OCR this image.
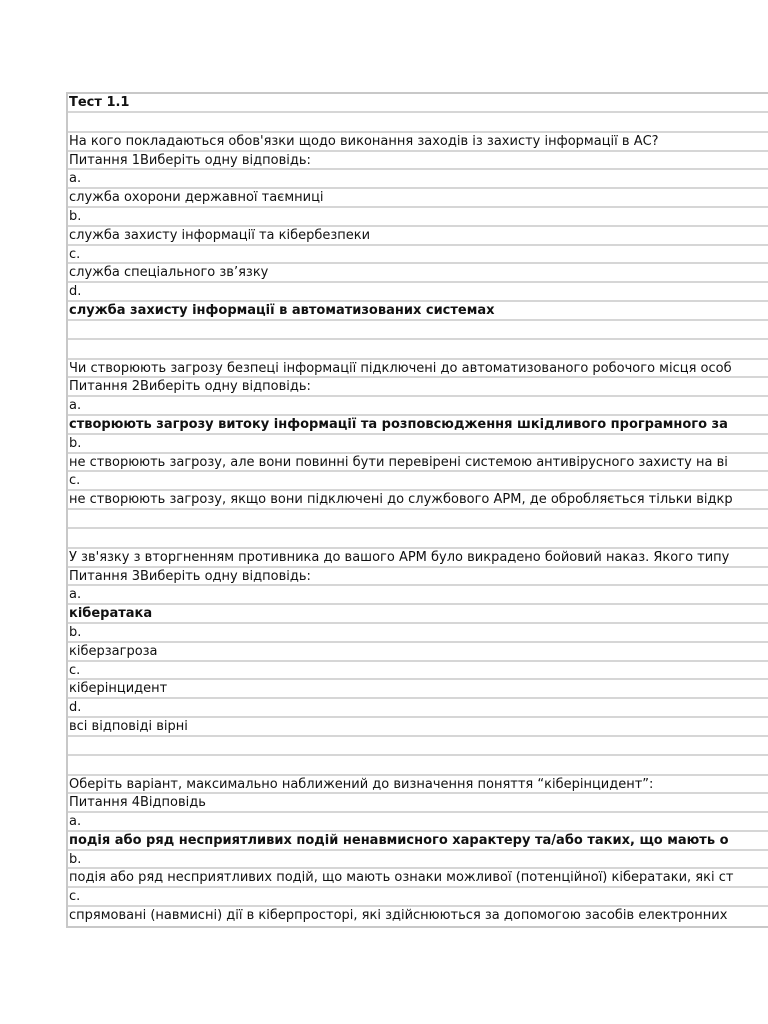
Тест 1.1
На кого покладаються обов'язки щодо виконання заходів із захисту інформації в АС?
Питання 1Виберіть одну відповідь:
a.
служба охорони державної таємниці
b.
служба захисту інформації та кібербезпеки
c.
служба спеціального зв’язку
d.
служба захисту інформації в автоматизованих системах
Чи створюють загрозу безпеці інформації підключені до автоматизованого робочого місця особ
Питання 2Виберіть одну відповідь:
a.
створюють загрозу витоку інформації та розповсюдження шкідливого програмного за
b.
не створюють загрозу, але вони повинні бути перевірені системою антивірусного захисту на ві
c.
не створюють загрозу, якщо вони підключені до службового АРМ, де обробляється тільки відкр
У зв'язку з вторгненням противника до вашого АРМ було викрадено бойовий наказ. Якого типу
Питання 3Виберіть одну відповідь:
a.
кібератака
b.
кіберзагроза
c.
кіберінцидент
d.
всі відповіді вірні
Оберіть варіант, максимально наближений до визначення поняття “кіберінцидент”:
Питання 4Відповідь
a.
подія або ряд несприятливих подій ненавмисного характеру та/або таких, що мають о
b.
подія або ряд несприятливих подій, що мають ознаки можливої (потенційної) кібератаки, які ст
c.
спрямовані (навмисні) дії в кіберпросторі, які здійснюються за допомогою засобів електронних
